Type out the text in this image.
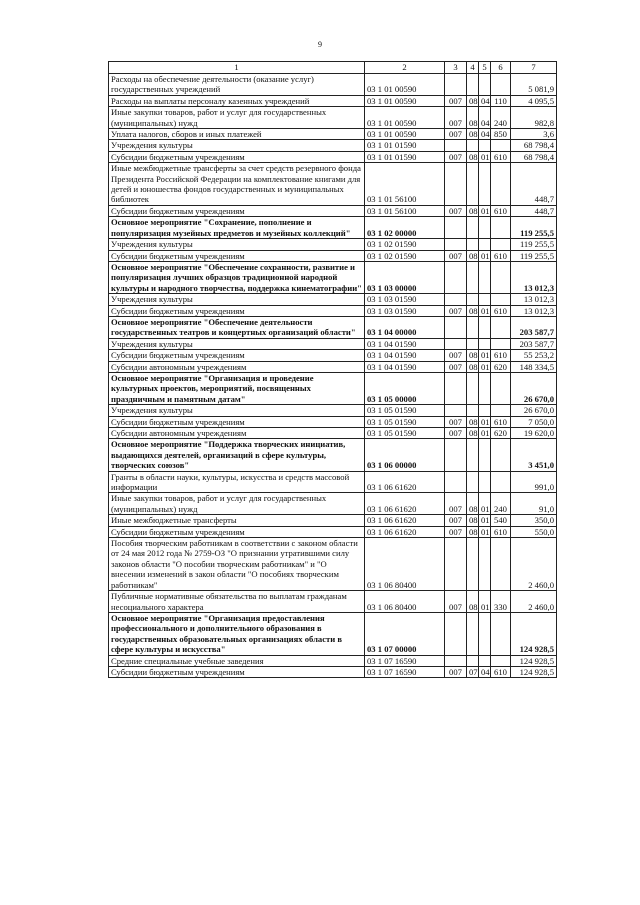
9
1	2	3	4	5	6	7
Расходы на обеспечение деятельности (оказание услуг) государственных учреждений	03 1 01 00590					5 081,9
Расходы на выплаты персоналу казенных учреждений	03 1 01 00590	007	08	04	110	4 095,5
Иные закупки товаров, работ и услуг для государственных (муниципальных) нужд	03 1 01 00590	007	08	04	240	982,8
Уплата налогов, сборов и иных платежей	03 1 01 00590	007	08	04	850	3,6
Учреждения культуры	03 1 01 01590					68 798,4
Субсидии бюджетным учреждениям	03 1 01 01590	007	08	01	610	68 798,4
Иные межбюджетные трансферты за счет средств резервного фонда Президента Российской Федерации на комплектование книгами для детей и юношества фондов государственных и муниципальных библиотек	03 1 01 56100					448,7
Субсидии бюджетным учреждениям	03 1 01 56100	007	08	01	610	448,7
Основное мероприятие "Сохранение, пополнение и популяризация музейных предметов и музейных коллекций"	03 1 02 00000					119 255,5
Учреждения культуры	03 1 02 01590					119 255,5
Субсидии бюджетным учреждениям	03 1 02 01590	007	08	01	610	119 255,5
Основное мероприятие "Обеспечение сохранности, развитие и популяризация лучших образцов традиционной народной культуры и народного творчества, поддержка кинематографии"	03 1 03 00000					13 012,3
Учреждения культуры	03 1 03 01590					13 012,3
Субсидии бюджетным учреждениям	03 1 03 01590	007	08	01	610	13 012,3
Основное мероприятие "Обеспечение деятельности государственных театров и концертных организаций области"	03 1 04 00000					203 587,7
Учреждения культуры	03 1 04 01590					203 587,7
Субсидии бюджетным учреждениям	03 1 04 01590	007	08	01	610	55 253,2
Субсидии автономным учреждениям	03 1 04 01590	007	08	01	620	148 334,5
Основное мероприятие "Организация и проведение культурных проектов, мероприятий, посвященных праздничным и памятным датам"	03 1 05 00000					26 670,0
Учреждения культуры	03 1 05 01590					26 670,0
Субсидии бюджетным учреждениям	03 1 05 01590	007	08	01	610	7 050,0
Субсидии автономным учреждениям	03 1 05 01590	007	08	01	620	19 620,0
Основное мероприятие "Поддержка творческих инициатив, выдающихся деятелей, организаций в сфере культуры, творческих союзов"	03 1 06 00000					3 451,0
Гранты в области науки, культуры, искусства и средств массовой информации	03 1 06 61620					991,0
Иные закупки товаров, работ и услуг для государственных (муниципальных) нужд	03 1 06 61620	007	08	01	240	91,0
Иные межбюджетные трансферты	03 1 06 61620	007	08	01	540	350,0
Субсидии бюджетным учреждениям	03 1 06 61620	007	08	01	610	550,0
Пособия творческим работникам в соответствии с законом области от 24 мая 2012 года № 2759-ОЗ "О признании утратившими силу законов области "О пособии творческим работникам" и "О внесении изменений в закон области "О пособиях творческим работникам"	03 1 06 80400					2 460,0
Публичные нормативные обязательства по выплатам гражданам несоциального характера	03 1 06 80400	007	08	01	330	2 460,0
Основное мероприятие "Организация предоставления профессионального и дополнительного образования в государственных образовательных организациях области в сфере культуры и искусства"	03 1 07 00000					124 928,5
Средние специальные учебные заведения	03 1 07 16590					124 928,5
Субсидии бюджетным учреждениям	03 1 07 16590	007	07	04	610	124 928,5
